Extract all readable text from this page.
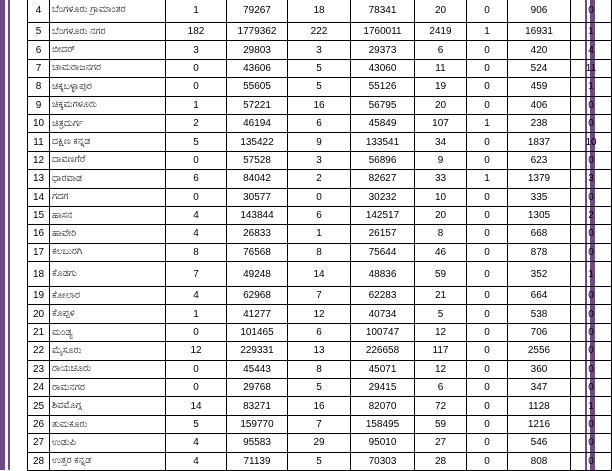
4	ಬೆಂಗಳೂರು ಗ್ರಾಮಾಂತರ	1	79267	18	78341	20	0	906	0
5	ಬೆಂಗಳೂರು ನಗರ	182	1779362	222	1760011	2419	1	16931	1
6	ಬೀದರ್	3	29803	3	29373	6	0	420	4
7	ಚಾಮರಾಜನಗರ	0	43606	5	43060	11	0	524	11
8	ಚಿಕ್ಕಬಳ್ಳಾಪುರ	0	55605	5	55126	19	0	459	1
9	ಚಿಕ್ಕಮಗಳೂರು	1	57221	16	56795	20	0	406	0
10	ಚಿತ್ರದುರ್ಗ	2	46194	6	45849	107	1	238	0
11	ದಕ್ಷಿಣ ಕನ್ನಡ	5	135422	9	133541	34	0	1837	10
12	ದಾವಣಗೆರೆ	0	57528	3	56896	9	0	623	0
13	ಧಾರವಾಡ	6	84042	2	82627	33	1	1379	3
14	ಗದಗ	0	30577	0	30232	10	0	335	0
15	ಹಾಸನ	4	143844	6	142517	20	0	1305	2
16	ಹಾವೇರಿ	4	26833	1	26157	8	0	668	0
17	ಕಲಬುರಗಿ	8	76568	8	75644	46	0	878	0
18	ಕೊಡಗು	7	49248	14	48836	59	0	352	1
19	ಕೋಲಾರ	4	62968	7	62283	21	0	664	0
20	ಕೊಪ್ಪಳ	1	41277	12	40734	5	0	538	0
21	ಮಂಡ್ಯ	0	101465	6	100747	12	0	706	0
22	ಮೈಸೂರು	12	229331	13	226658	117	0	2556	0
23	ರಾಯಚೂರು	0	45443	8	45071	12	0	360	0
24	ರಾಮನಗರ	0	29768	5	29415	6	0	347	0
25	ಶಿವಮೊಗ್ಗ	14	83271	16	82070	72	0	1128	1
26	ತುಮಕೂರು	5	159770	7	158495	59	0	1216	0
27	ಉಡುಪಿ	4	95583	29	95010	27	0	546	0
28	ಉತ್ತರ ಕನ್ನಡ	4	71139	5	70303	28	0	808	0
